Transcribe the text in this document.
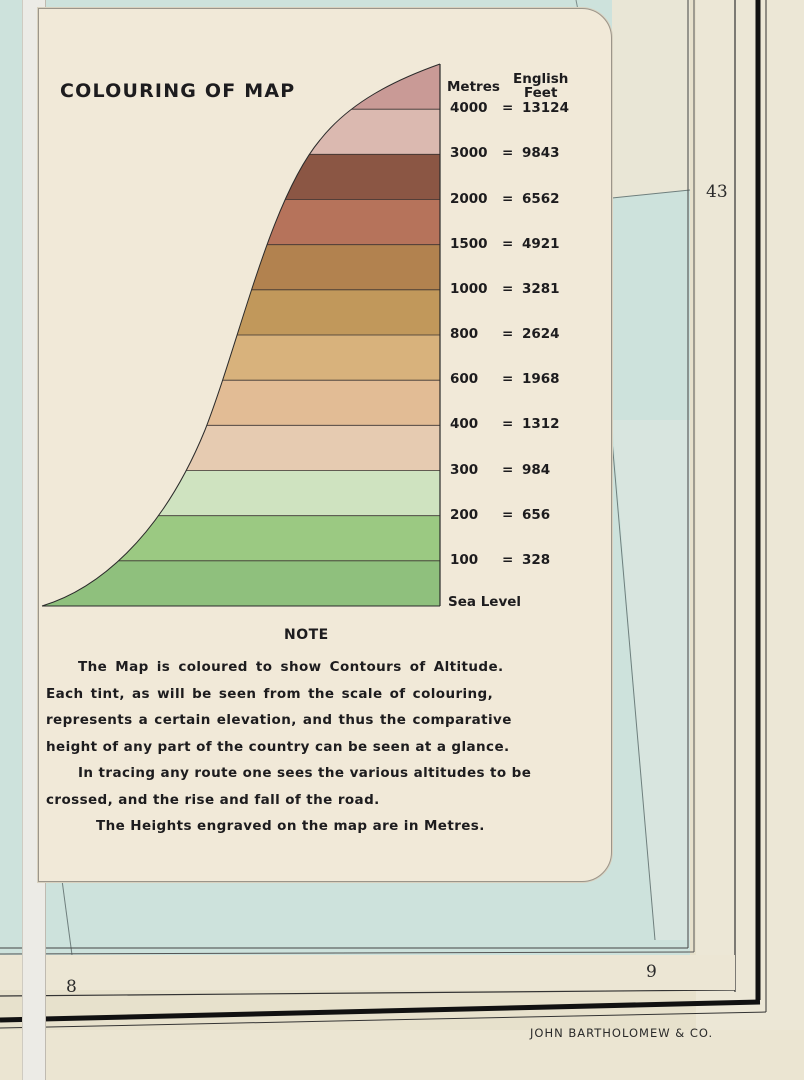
COLOURING OF MAP	Metres English
Feet
4000 = 13124
3000 = 9843
2000 = 6562
1500 = 4921
1000 = 3281
800 = 2624
600 = 1968
400 = 1312
300 = 984
200 = 656
100 = 328
Sea Level
NOTE
The Map is coloured to show Contours of Altitude.
Each tint, as will be seen from the scale of colouring,
represents a certain elevation, and thus the comparative
height of any part of the country can be seen at a glance.
In tracing any route one sees the various altitudes to be
crossed, and the rise and fall of the road.
The Heights engraved on the map are in Metres.
43
8
9
JOHN BARTHOLOMEW & CO.
